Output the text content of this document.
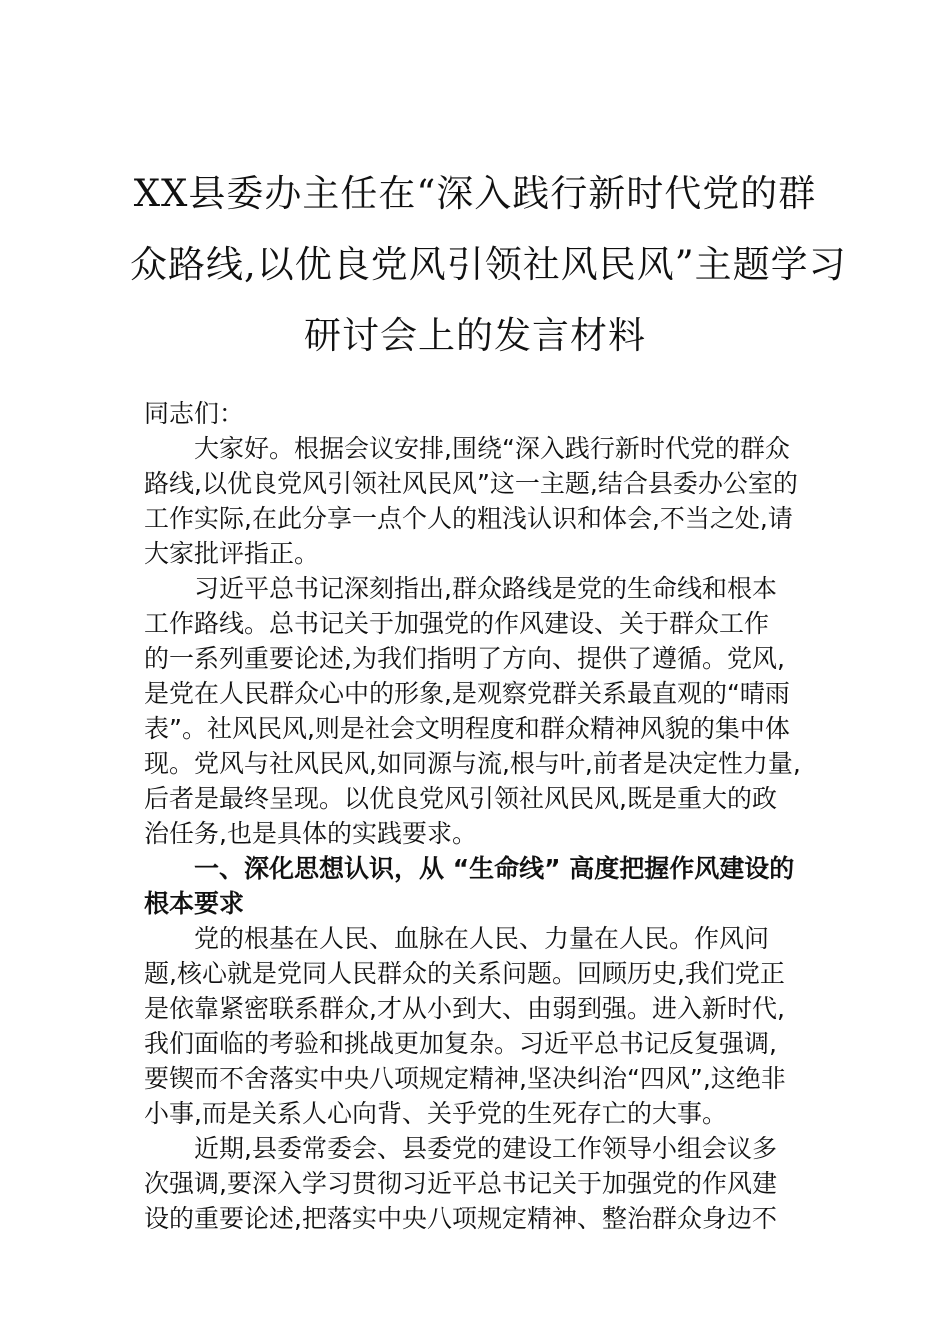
XX县委办主任在“深入践行新时代党的群
众路线,以优良党风引领社风民风”主题学习
研讨会上的发言材料

同志们：

大家好。根据会议安排,围绕“深入践行新时代党的群众
路线,以优良党风引领社风民风”这一主题,结合县委办公室的
工作实际,在此分享一点个人的粗浅认识和体会,不当之处,请
大家批评指正。

习近平总书记深刻指出,群众路线是党的生命线和根本
工作路线。总书记关于加强党的作风建设、关于群众工作
的一系列重要论述,为我们指明了方向、提供了遵循。党风,
是党在人民群众心中的形象,是观察党群关系最直观的“晴雨
表”。社风民风,则是社会文明程度和群众精神风貌的集中体
现。党风与社风民风,如同源与流,根与叶,前者是决定性力量,
后者是最终呈现。以优良党风引领社风民风,既是重大的政
治任务,也是具体的实践要求。

一、深化思想认识，从 “生命线” 高度把握作风建设的
根本要求

党的根基在人民、血脉在人民、力量在人民。作风问
题,核心就是党同人民群众的关系问题。回顾历史,我们党正
是依靠紧密联系群众,才从小到大、由弱到强。进入新时代,
我们面临的考验和挑战更加复杂。习近平总书记反复强调,
要锲而不舍落实中央八项规定精神,坚决纠治“四风”,这绝非
小事,而是关系人心向背、关乎党的生死存亡的大事。

近期,县委常委会、县委党的建设工作领导小组会议多
次强调,要深入学习贯彻习近平总书记关于加强党的作风建
设的重要论述,把落实中央八项规定精神、整治群众身边不
